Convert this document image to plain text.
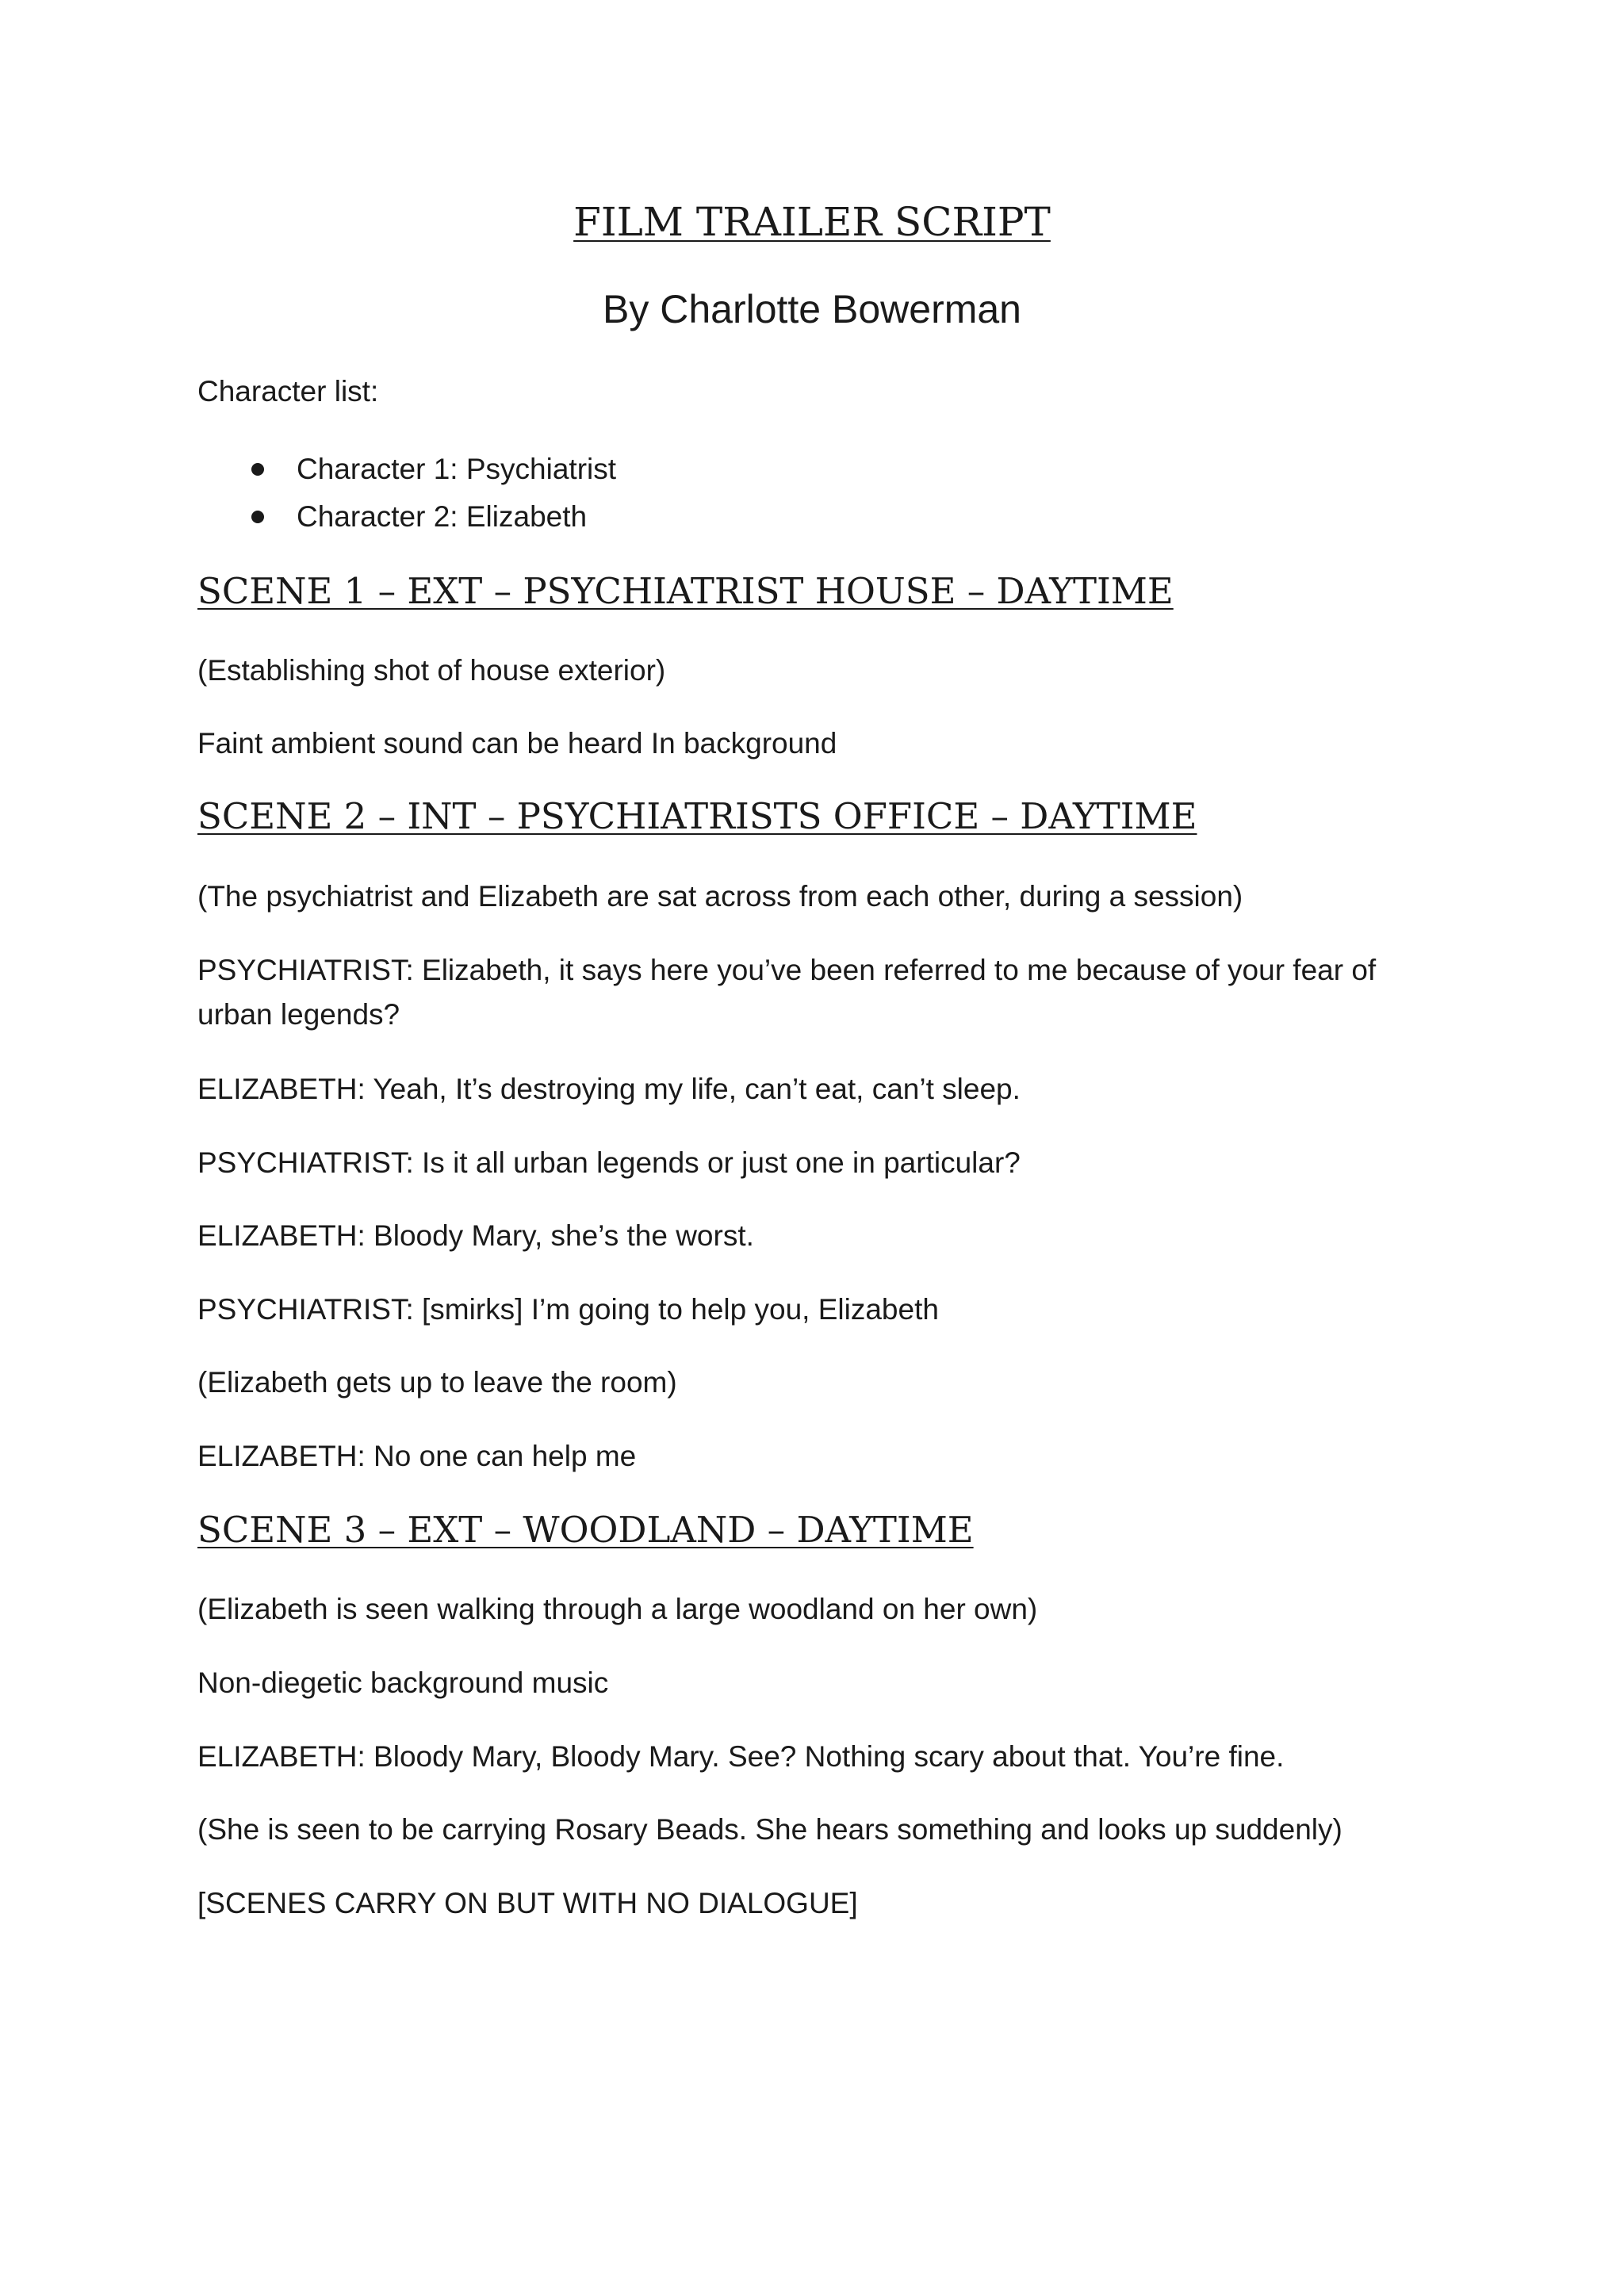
FILM TRAILER SCRIPT
By Charlotte Bowerman

Character list:

Character 1: Psychiatrist
Character 2: Elizabeth
SCENE 1 – EXT – PSYCHIATRIST HOUSE – DAYTIME

(Establishing shot of house exterior)

Faint ambient sound can be heard In background

SCENE 2 – INT – PSYCHIATRISTS OFFICE – DAYTIME

(The psychiatrist and Elizabeth are sat across from each other, during a session)

PSYCHIATRIST: Elizabeth, it says here you’ve been referred to me because of your fear of urban legends?

ELIZABETH: Yeah, It’s destroying my life, can’t eat, can’t sleep.

PSYCHIATRIST: Is it all urban legends or just one in particular?

ELIZABETH: Bloody Mary, she’s the worst.

PSYCHIATRIST: [smirks] I’m going to help you, Elizabeth

(Elizabeth gets up to leave the room)

ELIZABETH: No one can help me

SCENE 3 – EXT – WOODLAND – DAYTIME

(Elizabeth is seen walking through a large woodland on her own)

Non-diegetic background music

ELIZABETH: Bloody Mary, Bloody Mary. See? Nothing scary about that. You’re fine.

(She is seen to be carrying Rosary Beads. She hears something and looks up suddenly)

[SCENES CARRY ON BUT WITH NO DIALOGUE]
